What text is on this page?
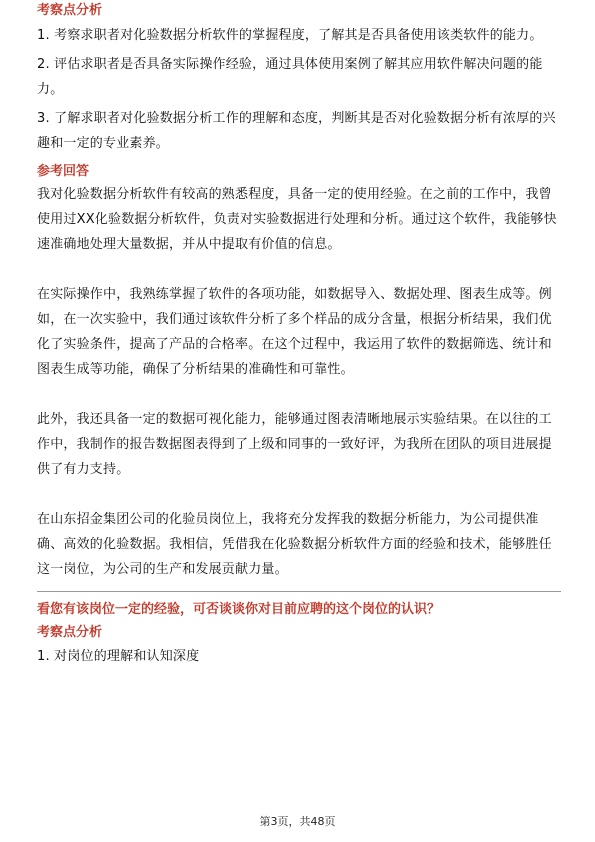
考察点分析

1. 考察求职者对化验数据分析软件的掌握程度，了解其是否具备使用该类软件的能力。

2. 评估求职者是否具备实际操作经验，通过具体使用案例了解其应用软件解决问题的能力。

3. 了解求职者对化验数据分析工作的理解和态度，判断其是否对化验数据分析有浓厚的兴趣和一定的专业素养。

参考回答

我对化验数据分析软件有较高的熟悉程度，具备一定的使用经验。在之前的工作中，我曾使用过XX化验数据分析软件，负责对实验数据进行处理和分析。通过这个软件，我能够快速准确地处理大量数据，并从中提取有价值的信息。

在实际操作中，我熟练掌握了软件的各项功能，如数据导入、数据处理、图表生成等。例如，在一次实验中，我们通过该软件分析了多个样品的成分含量，根据分析结果，我们优化了实验条件，提高了产品的合格率。在这个过程中，我运用了软件的数据筛选、统计和图表生成等功能，确保了分析结果的准确性和可靠性。

此外，我还具备一定的数据可视化能力，能够通过图表清晰地展示实验结果。在以往的工作中，我制作的报告数据图表得到了上级和同事的一致好评，为我所在团队的项目进展提供了有力支持。

在山东招金集团公司的化验员岗位上，我将充分发挥我的数据分析能力，为公司提供准确、高效的化验数据。我相信，凭借我在化验数据分析软件方面的经验和技术，能够胜任这一岗位，为公司的生产和发展贡献力量。

看您有该岗位一定的经验，可否谈谈你对目前应聘的这个岗位的认识？

考察点分析

1. 对岗位的理解和认知深度

第3页，共48页
